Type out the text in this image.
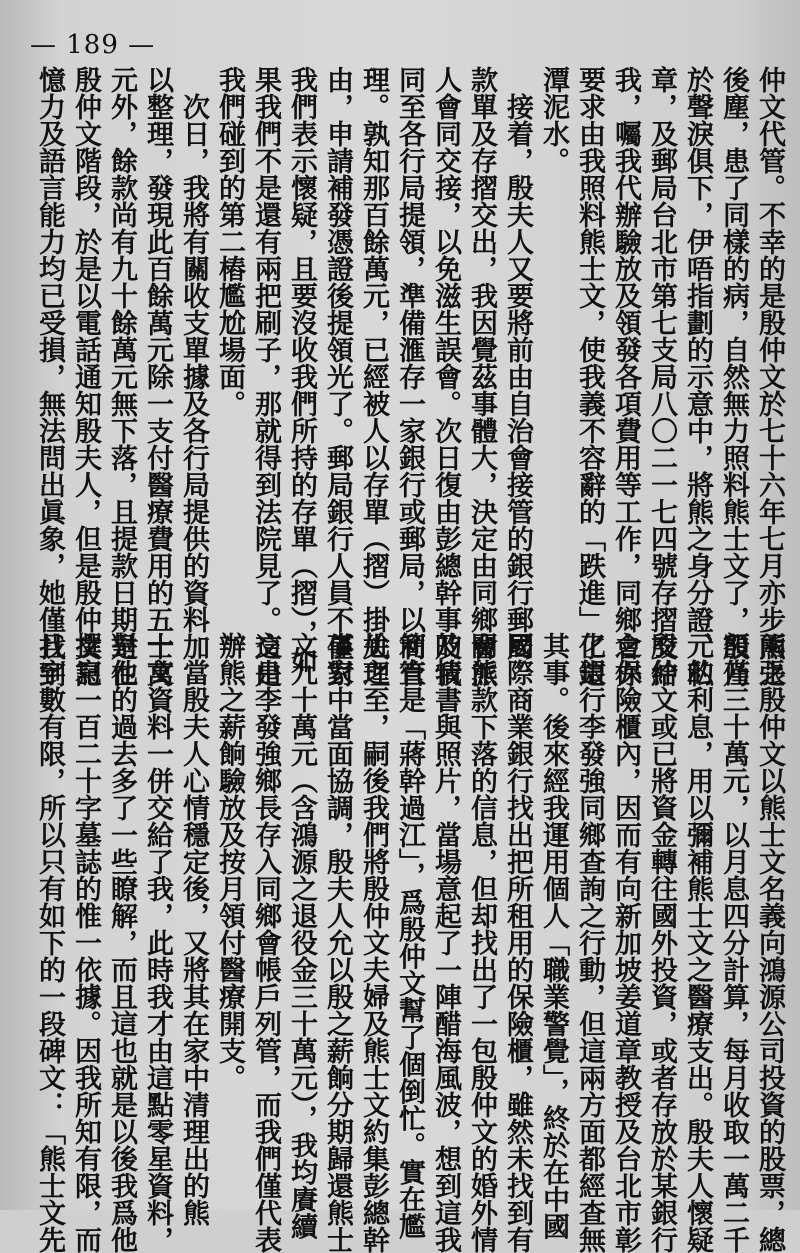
— 189 —
仲文代管。不幸的是殷仲文於七十六年七月亦步熊之
後塵，患了同樣的病，自然無力照料熊士文了，殷乃
於聲淚俱下，伊唔指劃的示意中，將熊之身分證、私
章，及郵局台北市第七支局八〇二一七四號存摺交給
我，囑我代辦驗放及領發各項費用等工作，同鄉會亦
要求由我照料熊士文，使我義不容辭的「跌進」了這
潭泥水。
　接着，殷夫人又要將前由自治會接管的銀行郵局
款單及存摺交出，我因覺茲事體大，決定由同鄉會派
人會同交接，以免滋生誤會。次日復由彭總幹事及我
同至各行局提領，準備滙存一家銀行或郵局，以利管
理。孰知那百餘萬元，已經被人以存單（摺）掛失理
由，申請補發憑證後提領光了。郵局銀行人員不僅對
我們表示懷疑，且要沒收我們所持的存單（摺），如
果我們不是還有兩把刷子，那就得到法院見了。這是
我們碰到的第二樁尷尬場面。
　次日，我將有關收支單據及各行局提供的資料加
以整理，發現此百餘萬元除一支付醫療費用的五十萬
元外，餘款尚有九十餘萬元無下落，且提款日期是在
殷仲文階段，於是以電話通知殷夫人，但是殷仲文記
憶力及語言能力均已受損，無法問出眞象，她僅找到
兩張殷仲文以熊士文名義向鴻源公司投資的股票，總
額僅三十萬元，以月息四分計算，每月收取一萬二千
元的利息，用以彌補熊士文之醫療支出。殷夫人懷疑
殷仲文或已將資金轉往國外投資，或者存放於某銀行
之保險櫃內，因而有向新加坡姜道章教授及台北市彰
化銀行李發強同鄉查詢之行動，但這兩方面都經查無
其事。後來經我運用個人「職業警覺」，終於在中國
國際商業銀行找出把所租用的保險櫃，雖然未找到有
關熊款下落的信息，但却找出了一包殷仲文的婚外情
的情書與照片，當場意起了一陣醋海風波，想到這我
簡直是「蔣幹過江」，爲殷仲文幫了個倒忙。實在尷
尬之至，嗣後我們將殷仲文夫婦及熊士文約集彭總幹
事家中當面協調，殷夫人允以殷之薪餉分期歸還熊士
文九十萬元（含鴻源之退役金三十萬元），我均賡續
交由李發強鄉長存入同鄉會帳戶列管，而我們僅代表
辦熊之薪餉驗放及按月領付醫療開支。
　當殷夫人心情穩定後，又將其在家中清理出的熊
士文資料一併交給了我，此時我才由這點零星資料，
對他的過去多了一些瞭解，而且這也就是以後我爲他
撰寫一百二十字墓誌的惟一依據。因我所知有限，而
且字數有限，所以只有如下的一段碑文：「熊士文先
